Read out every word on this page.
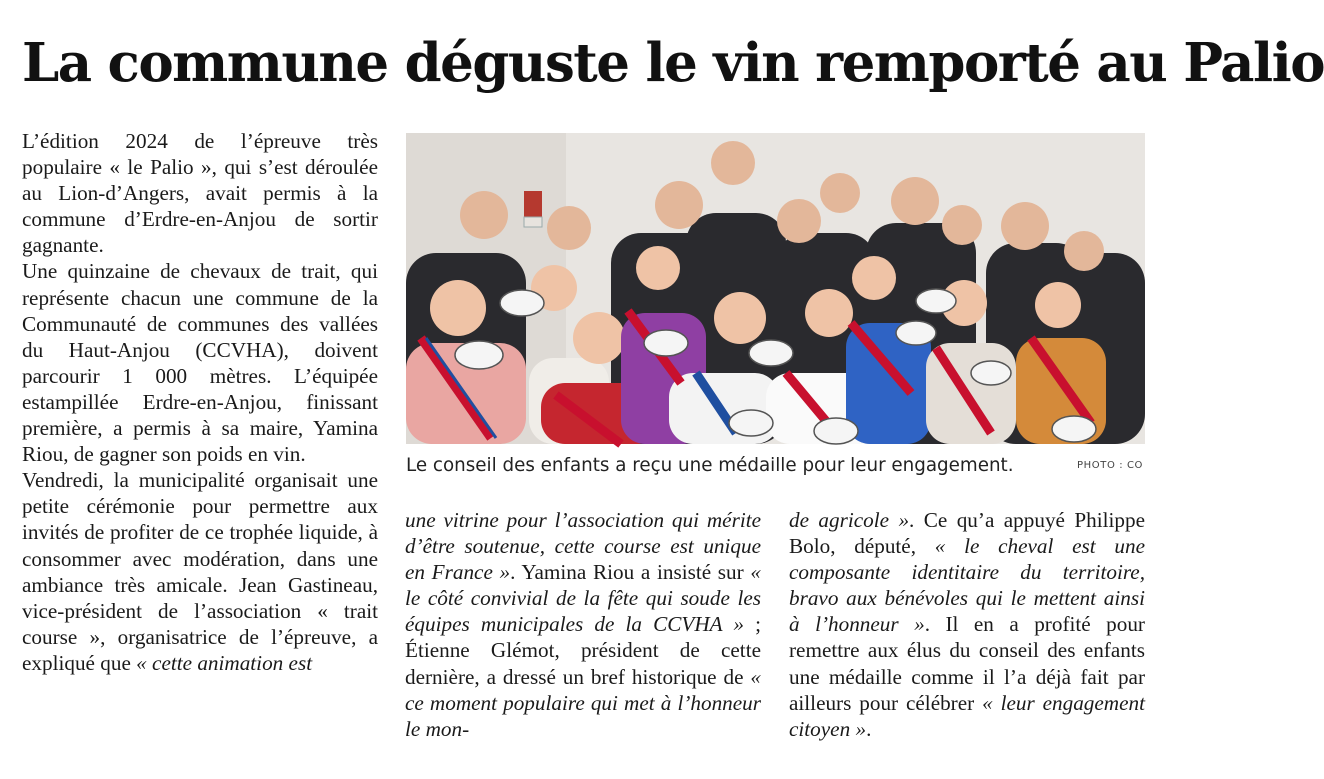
La commune déguste le vin remporté au Palio

L’édition 2024 de l’épreuve très populaire « le Palio », qui s’est déroulée au Lion-d’Angers, avait permis à la commune d’Erdre-en-Anjou de sortir gagnante.

Une quinzaine de chevaux de trait, qui représente chacun une commune de la Communauté de communes des vallées du Haut-Anjou (CCVHA), doivent parcourir 1 000 mètres. L’équipée estampillée Erdre-en-Anjou, finissant première, a permis à sa maire, Yamina Riou, de gagner son poids en vin.

Vendredi, la municipalité organisait une petite cérémonie pour permettre aux invités de profiter de ce trophée liquide, à consommer avec modération, dans une ambiance très amicale. Jean Gastineau, vice-président de l’association « trait course », organisatrice de l’épreuve, a expliqué que « cette animation est

une vitrine pour l’association qui mérite d’être soutenue, cette course est unique en France ». Yamina Riou a insisté sur « le côté convivial de la fête qui soude les équipes municipales de la CCVHA » ; Étienne Glémot, président de cette dernière, a dressé un bref historique de « ce moment populaire qui met à l’honneur le mon-

de agricole ». Ce qu’a appuyé Philippe Bolo, député, « le cheval est une composante identitaire du territoire, bravo aux bénévoles qui le mettent ainsi à l’honneur ». Il en a profité pour remettre aux élus du conseil des enfants une médaille comme il l’a déjà fait par ailleurs pour célébrer « leur engagement citoyen ».

Le conseil des enfants a reçu une médaille pour leur engagement.	PHOTO : CO
